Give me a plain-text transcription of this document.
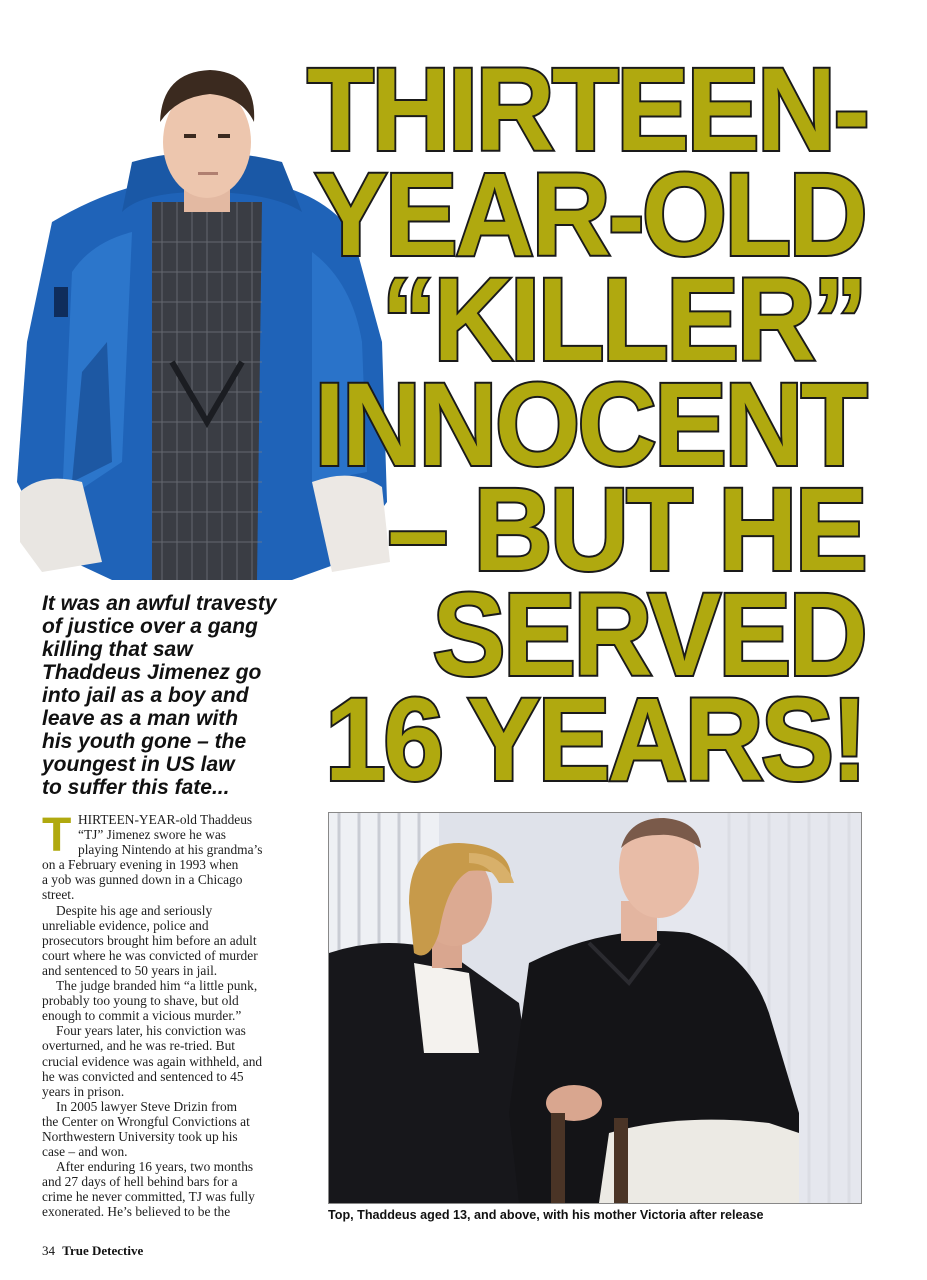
THIRTEEN-
YEAR-OLD
“KILLER”
INNOCENT
– BUT HE
SERVED
16 YEARS!
It was an awful travesty
of justice over a gang
killing that saw
Thaddeus Jimenez go
into jail as a boy and
leave as a man with
his youth gone – the
youngest in US law
to suffer this fate...
T HIRTEEN-YEAR-old Thaddeus
“TJ” Jimenez swore he was
playing Nintendo at his grandma’s
on a February evening in 1993 when
a yob was gunned down in a Chicago
street.
Despite his age and seriously
unreliable evidence, police and
prosecutors brought him before an adult
court where he was convicted of murder
and sentenced to 50 years in jail.
The judge branded him “a little punk,
probably too young to shave, but old
enough to commit a vicious murder.”
Four years later, his conviction was
overturned, and he was re-tried. But
crucial evidence was again withheld, and
he was convicted and sentenced to 45
years in prison.
In 2005 lawyer Steve Drizin from
the Center on Wrongful Convictions at
Northwestern University took up his
case – and won.
After enduring 16 years, two months
and 27 days of hell behind bars for a
crime he never committed, TJ was fully
exonerated. He’s believed to be the	Top, Thaddeus aged 13, and above, with his mother Victoria after release
34 True Detective
